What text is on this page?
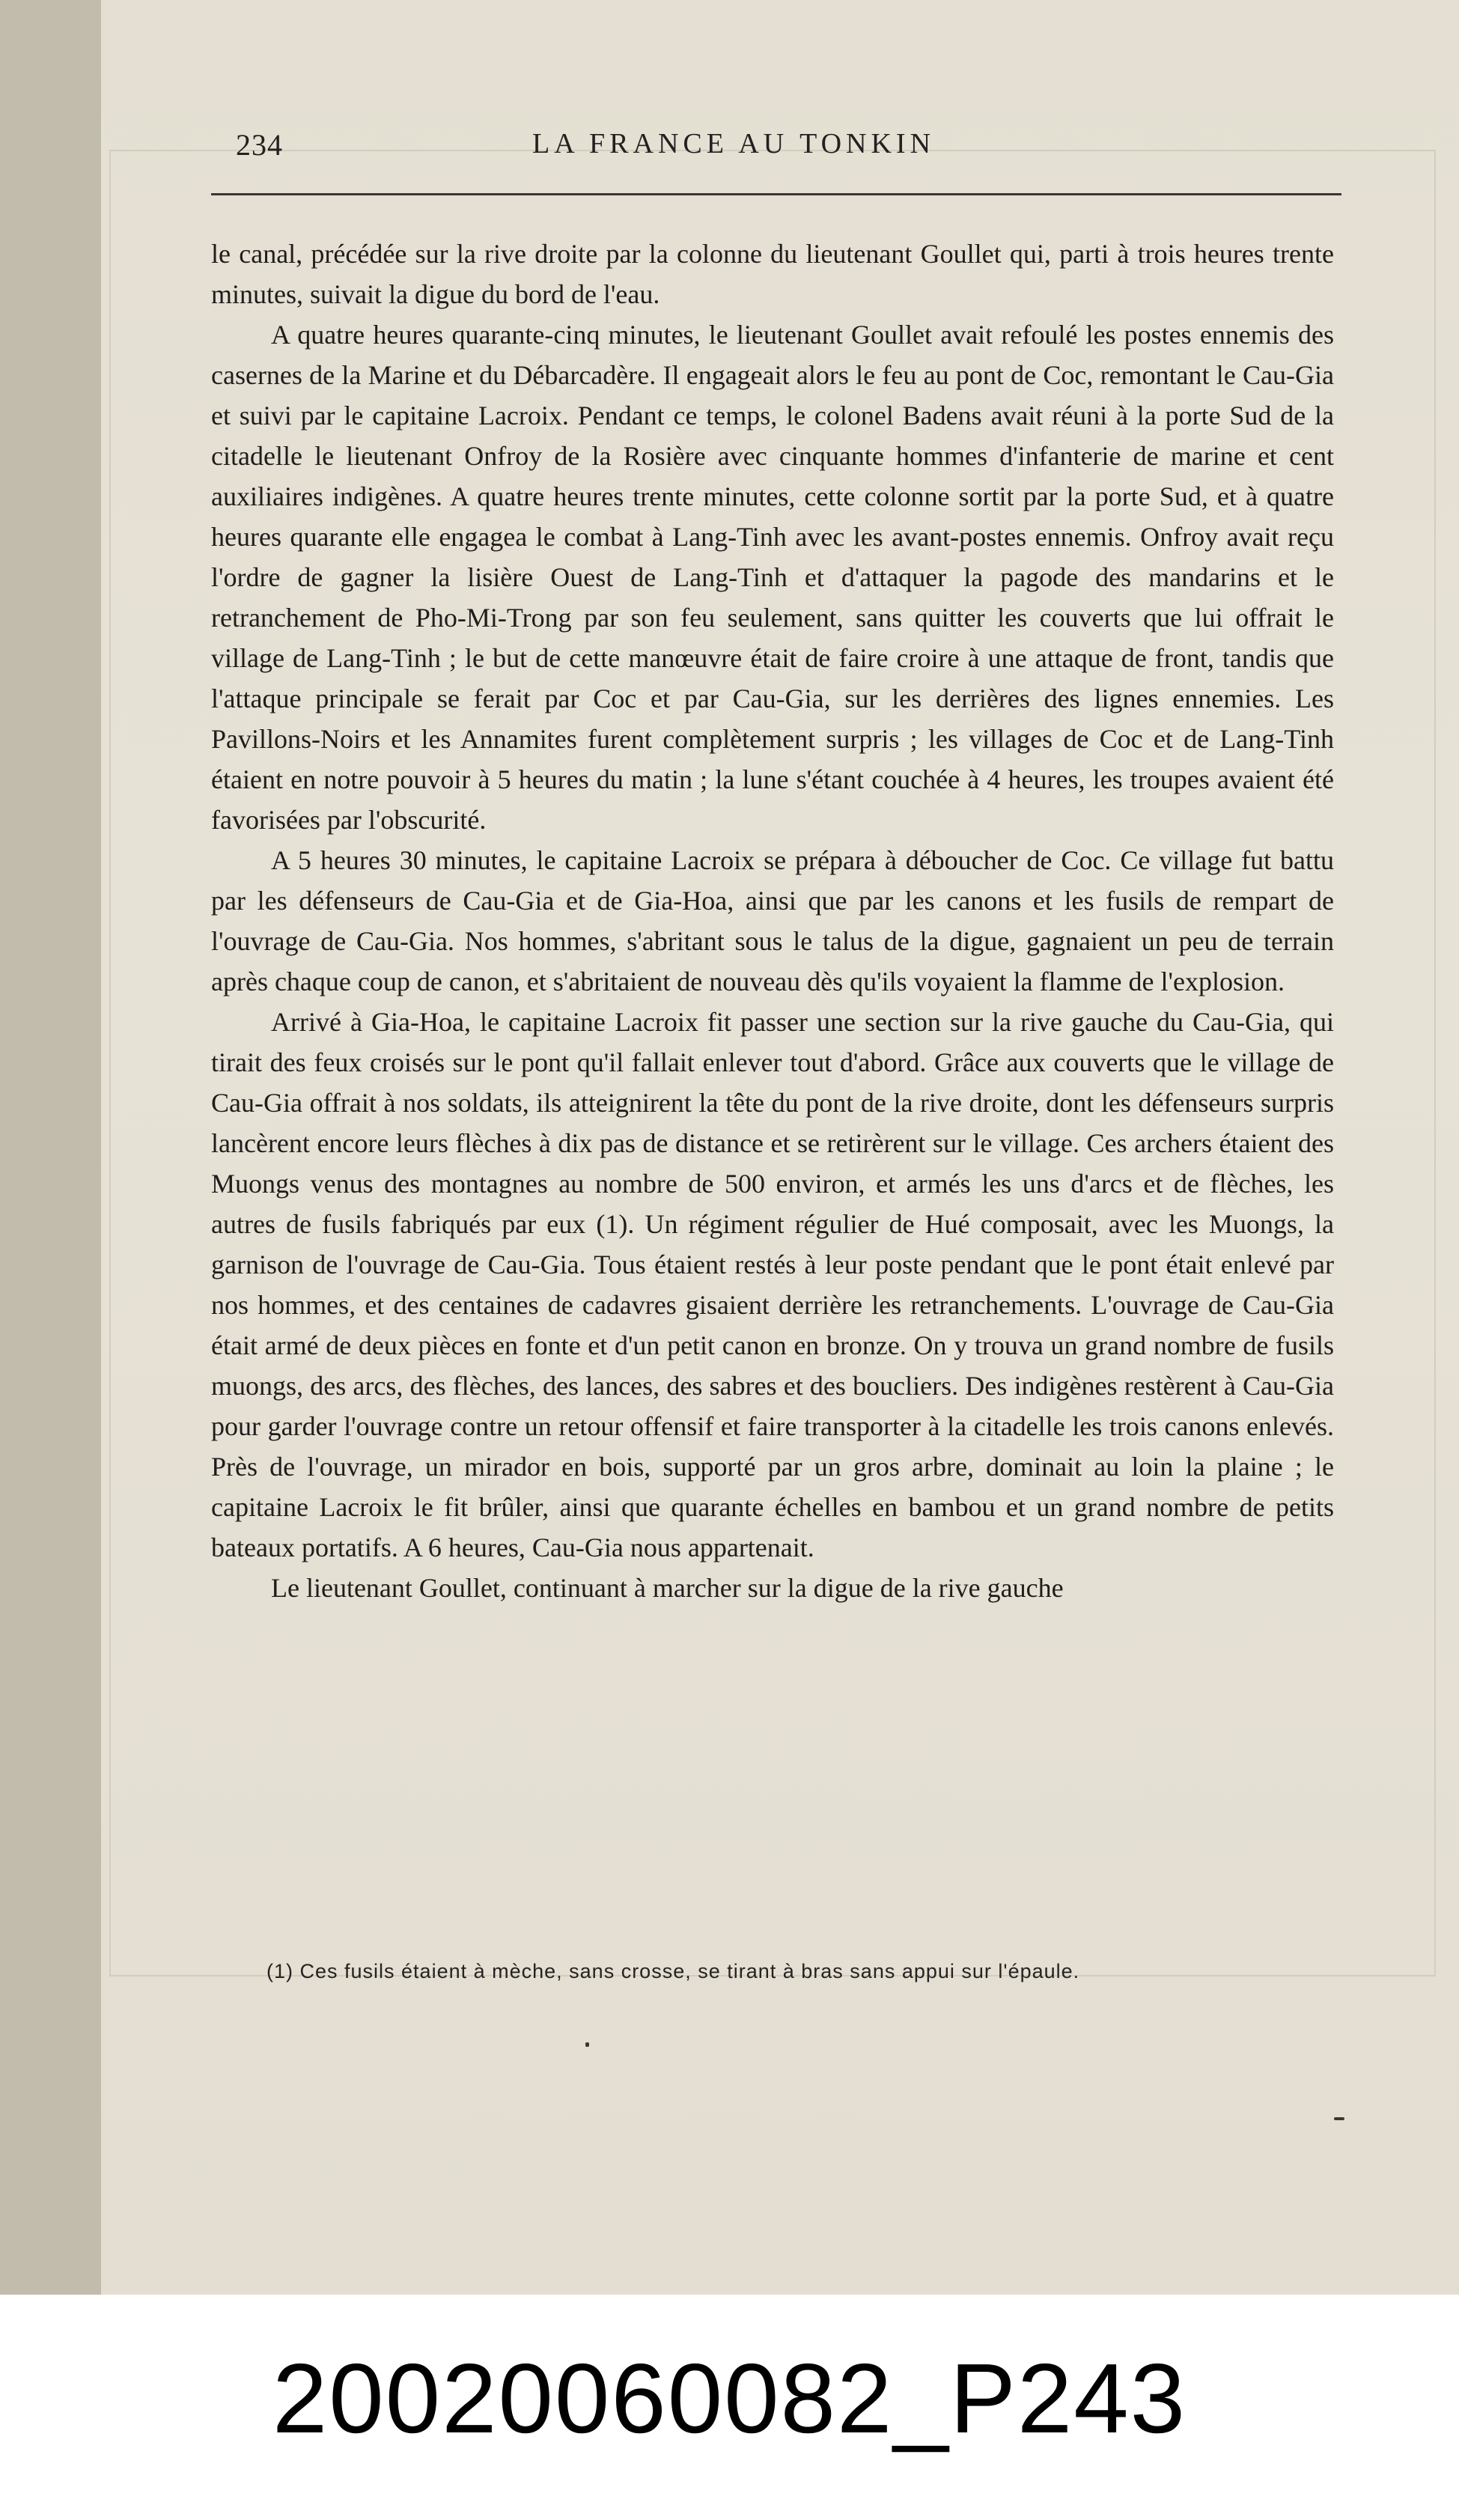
234	LA FRANCE AU TONKIN

le canal, précédée sur la rive droite par la colonne du lieutenant Goullet qui, parti à trois heures trente minutes, suivait la digue du bord de l'eau.

A quatre heures quarante-cinq minutes, le lieutenant Goullet avait refoulé les postes ennemis des casernes de la Marine et du Débarcadère. Il engageait alors le feu au pont de Coc, remontant le Cau-Gia et suivi par le capitaine Lacroix. Pendant ce temps, le colonel Badens avait réuni à la porte Sud de la citadelle le lieutenant Onfroy de la Rosière avec cinquante hommes d'infanterie de marine et cent auxiliaires indigènes. A quatre heures trente minutes, cette colonne sortit par la porte Sud, et à quatre heures quarante elle engagea le combat à Lang-Tinh avec les avant-postes ennemis. Onfroy avait reçu l'ordre de gagner la lisière Ouest de Lang-Tinh et d'attaquer la pagode des mandarins et le retranchement de Pho-Mi-Trong par son feu seulement, sans quitter les couverts que lui offrait le village de Lang-Tinh ; le but de cette manœuvre était de faire croire à une attaque de front, tandis que l'attaque principale se ferait par Coc et par Cau-Gia, sur les derrières des lignes ennemies. Les Pavillons-Noirs et les Annamites furent complètement surpris ; les villages de Coc et de Lang-Tinh étaient en notre pouvoir à 5 heures du matin ; la lune s'étant couchée à 4 heures, les troupes avaient été favorisées par l'obscurité.

A 5 heures 30 minutes, le capitaine Lacroix se prépara à déboucher de Coc. Ce village fut battu par les défenseurs de Cau-Gia et de Gia-Hoa, ainsi que par les canons et les fusils de rempart de l'ouvrage de Cau-Gia. Nos hommes, s'abritant sous le talus de la digue, gagnaient un peu de terrain après chaque coup de canon, et s'abritaient de nouveau dès qu'ils voyaient la flamme de l'explosion.

Arrivé à Gia-Hoa, le capitaine Lacroix fit passer une section sur la rive gauche du Cau-Gia, qui tirait des feux croisés sur le pont qu'il fallait enlever tout d'abord. Grâce aux couverts que le village de Cau-Gia offrait à nos soldats, ils atteignirent la tête du pont de la rive droite, dont les défenseurs surpris lancèrent encore leurs flèches à dix pas de distance et se retirèrent sur le village. Ces archers étaient des Muongs venus des montagnes au nombre de 500 environ, et armés les uns d'arcs et de flèches, les autres de fusils fabriqués par eux (1). Un régiment régulier de Hué composait, avec les Muongs, la garnison de l'ouvrage de Cau-Gia. Tous étaient restés à leur poste pendant que le pont était enlevé par nos hommes, et des centaines de cadavres gisaient derrière les retranchements. L'ouvrage de Cau-Gia était armé de deux pièces en fonte et d'un petit canon en bronze. On y trouva un grand nombre de fusils muongs, des arcs, des flèches, des lances, des sabres et des boucliers. Des indigènes restèrent à Cau-Gia pour garder l'ouvrage contre un retour offensif et faire transporter à la citadelle les trois canons enlevés. Près de l'ouvrage, un mirador en bois, supporté par un gros arbre, dominait au loin la plaine ; le capitaine Lacroix le fit brûler, ainsi que quarante échelles en bambou et un grand nombre de petits bateaux portatifs. A 6 heures, Cau-Gia nous appartenait.

Le lieutenant Goullet, continuant à marcher sur la digue de la rive gauche

(1) Ces fusils étaient à mèche, sans crosse, se tirant à bras sans appui sur l'épaule.
20020060082_P243
